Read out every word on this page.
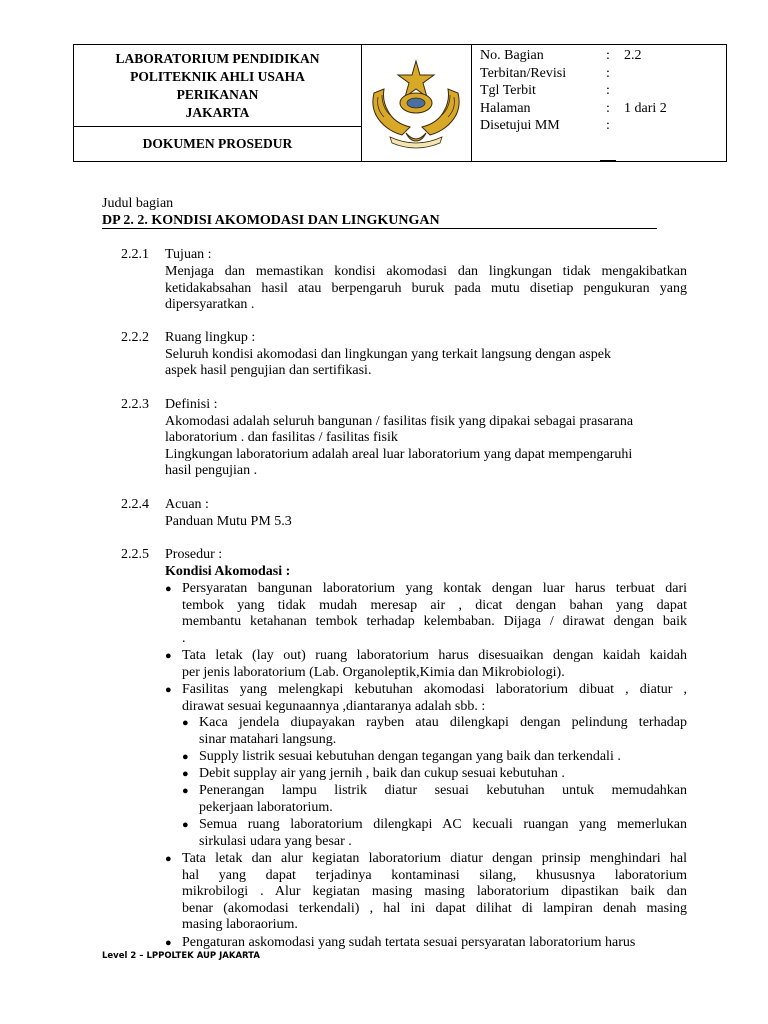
LABORATORIUM PENDIDIKAN
POLITEKNIK AHLI USAHA
PERIKANAN
JAKARTA
DOKUMEN PROSEDUR
No. Bagian	: 2.2
Terbitan/Revisi	:
Tgl Terbit	:
Halaman	: 1 dari 2
Disetujui MM	:
Judul bagian
DP 2. 2. KONDISI AKOMODASI DAN LINGKUNGAN
2.2.1 Tujuan :
Menjaga dan memastikan kondisi akomodasi dan lingkungan tidak mengakibatkan
ketidakabsahan hasil atau berpengaruh buruk pada mutu disetiap pengukuran yang
dipersyaratkan .
2.2.2 Ruang lingkup :
Seluruh kondisi akomodasi dan lingkungan yang terkait langsung dengan aspek
aspek hasil pengujian dan sertifikasi.
2.2.3 Definisi :
Akomodasi adalah seluruh bangunan / fasilitas fisik yang dipakai sebagai prasarana
laboratorium . dan fasilitas / fasilitas fisik
Lingkungan laboratorium adalah areal luar laboratorium yang dapat mempengaruhi
hasil pengujian .
2.2.4 Acuan :
Panduan Mutu PM 5.3
2.2.5 Prosedur :
Kondisi Akomodasi :
● Persyaratan bangunan laboratorium yang kontak dengan luar harus terbuat dari
tembok yang tidak mudah meresap air , dicat dengan bahan yang dapat
membantu ketahanan tembok terhadap kelembaban. Dijaga / dirawat dengan baik
.
● Tata letak (lay out) ruang laboratorium harus disesuaikan dengan kaidah kaidah
per jenis laboratorium (Lab. Organoleptik,Kimia dan Mikrobiologi).
● Fasilitas yang melengkapi kebutuhan akomodasi laboratorium dibuat , diatur ,
dirawat sesuai kegunaannya ,diantaranya adalah sbb. :
● Kaca jendela diupayakan rayben atau dilengkapi dengan pelindung terhadap
sinar matahari langsung.
● Supply listrik sesuai kebutuhan dengan tegangan yang baik dan terkendali .
● Debit supplay air yang jernih , baik dan cukup sesuai kebutuhan .
● Penerangan lampu listrik diatur sesuai kebutuhan untuk memudahkan
pekerjaan laboratorium.
● Semua ruang laboratorium dilengkapi AC kecuali ruangan yang memerlukan
sirkulasi udara yang besar .
● Tata letak dan alur kegiatan laboratorium diatur dengan prinsip menghindari hal
hal yang dapat terjadinya kontaminasi silang, khususnya laboratorium
mikrobilogi . Alur kegiatan masing masing laboratorium dipastikan baik dan
benar (akomodasi terkendali) , hal ini dapat dilihat di lampiran denah masing
masing laboraorium.
● Pengaturan askomodasi yang sudah tertata sesuai persyaratan laboratorium harus
Level 2 – LPPOLTEK AUP JAKARTA
